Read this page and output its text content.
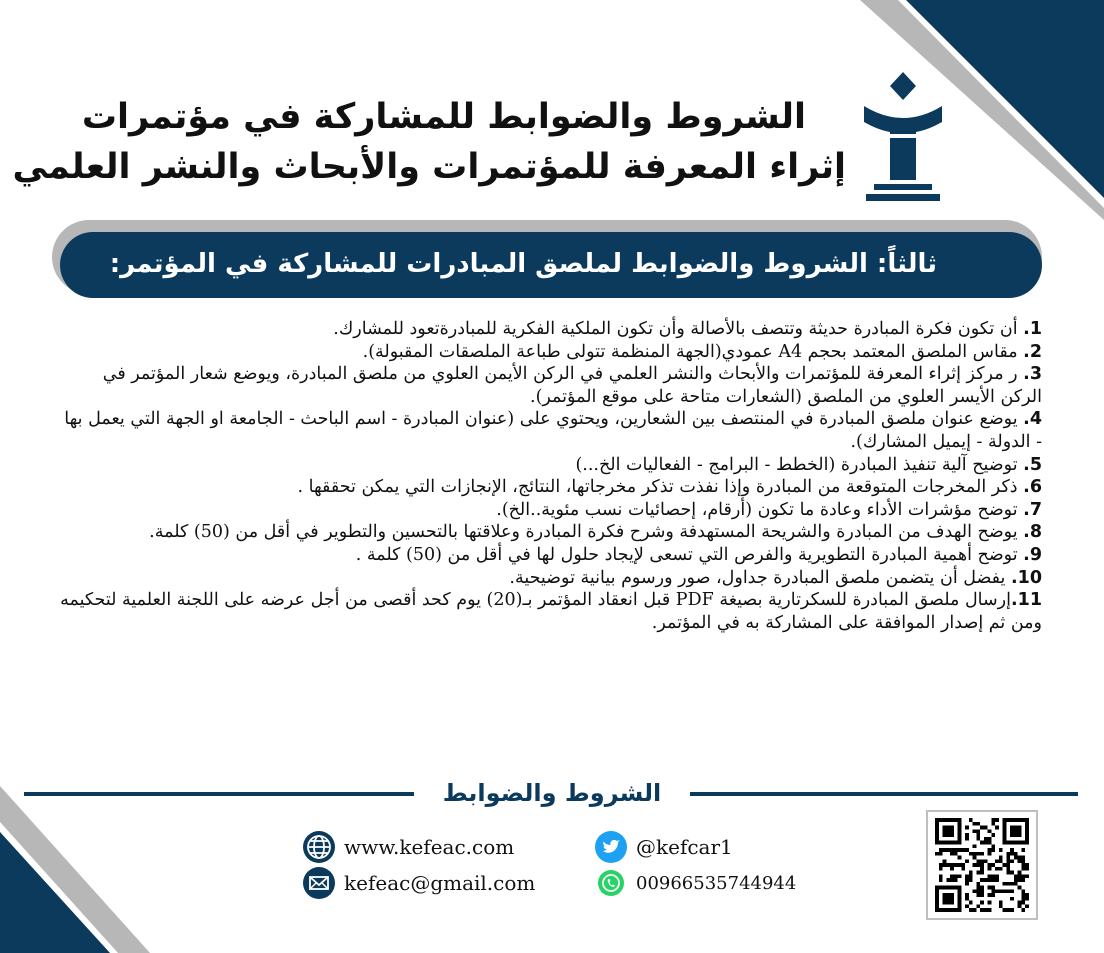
الشروط والضوابط للمشاركة في مؤتمرات
إثراء المعرفة للمؤتمرات والأبحاث والنشر العلمي
ثالثاً: الشروط والضوابط لملصق المبادرات للمشاركة في المؤتمر:
1. أن تكون فكرة المبادرة حديثة وتتصف بالأصالة وأن تكون الملكية الفكرية للمبادرةتعود للمشارك.
2. مقاس الملصق المعتمد بحجم A4 عمودي(الجهة المنظمة تتولى طباعة الملصقات المقبولة).
3. ر مركز إثراء المعرفة للمؤتمرات والأبحاث والنشر العلمي في الركن الأيمن العلوي من ملصق المبادرة، ويوضع شعار المؤتمر في الركن الأيسر العلوي من الملصق (الشعارات متاحة على موقع المؤتمر).
4. يوضع عنوان ملصق المبادرة في المنتصف بين الشعارين، ويحتوي على (عنوان المبادرة - اسم الباحث - الجامعة او الجهة التي يعمل بها - الدولة - إيميل المشارك).
5. توضيح آلية تنفيذ المبادرة (الخطط - البرامج - الفعاليات الخ...)
6. ذكر المخرجات المتوقعة من المبادرة وإذا نفذت تذكر مخرجاتها، النتائج، الإنجازات التي يمكن تحققها .
7. توضح مؤشرات الأداء وعادة ما تكون (أرقام، إحصائيات نسب مئوية..الخ).
8. يوضح الهدف من المبادرة والشريحة المستهدفة وشرح فكرة المبادرة وعلاقتها بالتحسين والتطوير في أقل من (50) كلمة.
9. توضح أهمية المبادرة التطويرية والفرص التي تسعى لإيجاد حلول لها في أقل من (50) كلمة .
10. يفضل أن يتضمن ملصق المبادرة جداول، صور ورسوم بيانية توضيحية.
11.إرسال ملصق المبادرة للسكرتارية بصيغة PDF قبل انعقاد المؤتمر بـ(20) يوم كحد أقصى من أجل عرضه على اللجنة العلمية لتحكيمه ومن ثم إصدار الموافقة على المشاركة به في المؤتمر.
الشروط والضوابط
www.kefeac.com
kefeac@gmail.com
@kefcar1
00966535744944
